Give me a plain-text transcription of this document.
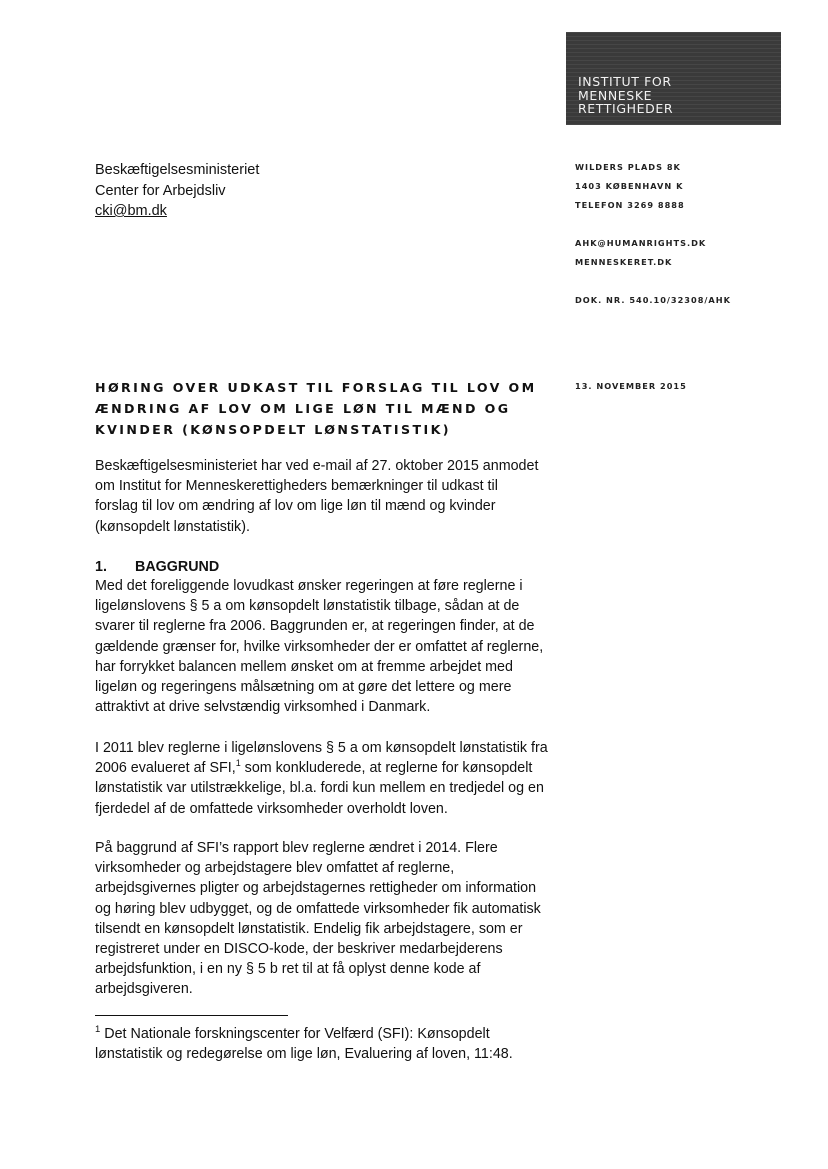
INSTITUT FOR
MENNESKE
RETTIGHEDER
Beskæftigelsesministeriet
Center for Arbejdsliv
cki@bm.dk
WILDERS PLADS 8K
1403 KØBENHAVN K
TELEFON 3269 8888
AHK@HUMANRIGHTS.DK
MENNESKERET.DK
DOK. NR. 540.10/32308/AHK
13. NOVEMBER 2015
HØRING OVER UDKAST TIL FORSLAG TIL LOV OM
ÆNDRING AF LOV OM LIGE LØN TIL MÆND OG
KVINDER (KØNSOPDELT LØNSTATISTIK)
Beskæftigelsesministeriet har ved e-mail af 27. oktober 2015 anmodet
om Institut for Menneskerettigheders bemærkninger til udkast til
forslag til lov om ændring af lov om lige løn til mænd og kvinder
(kønsopdelt lønstatistik).
1. BAGGRUND
Med det foreliggende lovudkast ønsker regeringen at føre reglerne i
ligelønslovens § 5 a om kønsopdelt lønstatistik tilbage, sådan at de
svarer til reglerne fra 2006. Baggrunden er, at regeringen finder, at de
gældende grænser for, hvilke virksomheder der er omfattet af reglerne,
har forrykket balancen mellem ønsket om at fremme arbejdet med
ligeløn og regeringens målsætning om at gøre det lettere og mere
attraktivt at drive selvstændig virksomhed i Danmark.
I 2011 blev reglerne i ligelønslovens § 5 a om kønsopdelt lønstatistik fra
2006 evalueret af SFI,$^1$ som konkluderede, at reglerne for kønsopdelt
lønstatistik var utilstrækkelige, bl.a. fordi kun mellem en tredjedel og en
fjerdedel af de omfattede virksomheder overholdt loven.
På baggrund af SFI’s rapport blev reglerne ændret i 2014. Flere
virksomheder og arbejdstagere blev omfattet af reglerne,
arbejdsgivernes pligter og arbejdstagernes rettigheder om information
og høring blev udbygget, og de omfattede virksomheder fik automatisk
tilsendt en kønsopdelt lønstatistik. Endelig fik arbejdstagere, som er
registreret under en DISCO-kode, der beskriver medarbejderens
arbejdsfunktion, i en ny § 5 b ret til at få oplyst denne kode af
arbejdsgiveren.
$^1$ Det Nationale forskningscenter for Velfærd (SFI): Kønsopdelt
lønstatistik og redegørelse om lige løn, Evaluering af loven, 11:48.
